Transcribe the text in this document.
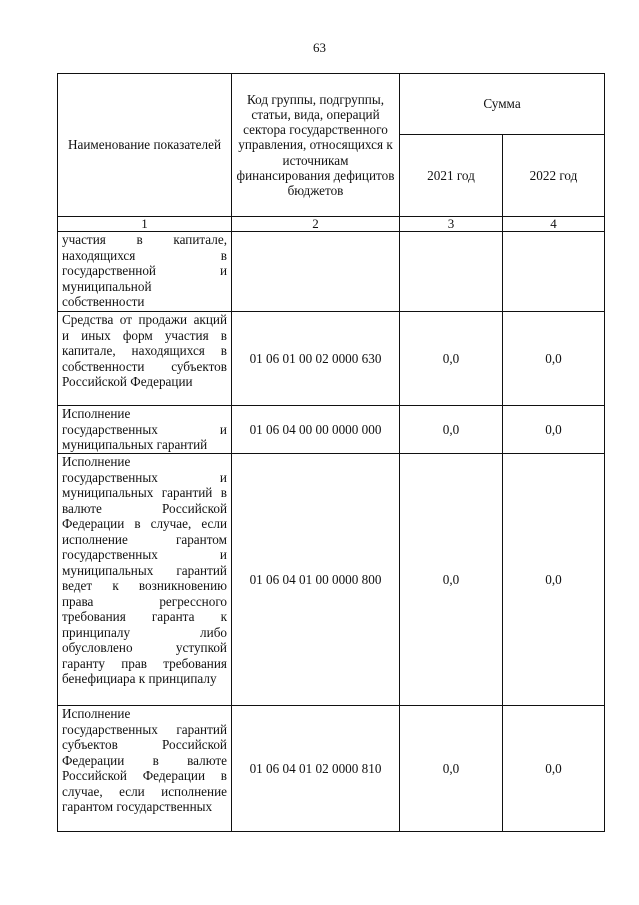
63
Наименование показателей	Код группы, подгруппы, статьи, вида, операций сектора государственного управления, относящихся к источникам финансирования дефицитов бюджетов	Сумма	
		2021 год	2022 год
1	2	3	4
участия в капитале, находящихся в государственной и муниципальной собственности			
Средства от продажи акций и иных форм участия в капитале, находящихся в собственности субъектов Российской Федерации	01 06 01 00 02 0000 630	0,0	0,0
Исполнение государственных и муниципальных гарантий	01 06 04 00 00 0000 000	0,0	0,0
Исполнение государственных и муниципальных гарантий в валюте Российской Федерации в случае, если исполнение гарантом государственных и муниципальных гарантий ведет к возникновению права регрессного требования гаранта к принципалу либо обусловлено уступкой гаранту прав требования бенефициара к принципалу	01 06 04 01 00 0000 800	0,0	0,0
Исполнение государственных гарантий субъектов Российской Федерации в валюте Российской Федерации в случае, если исполнение гарантом государственных	01 06 04 01 02 0000 810	0,0	0,0
